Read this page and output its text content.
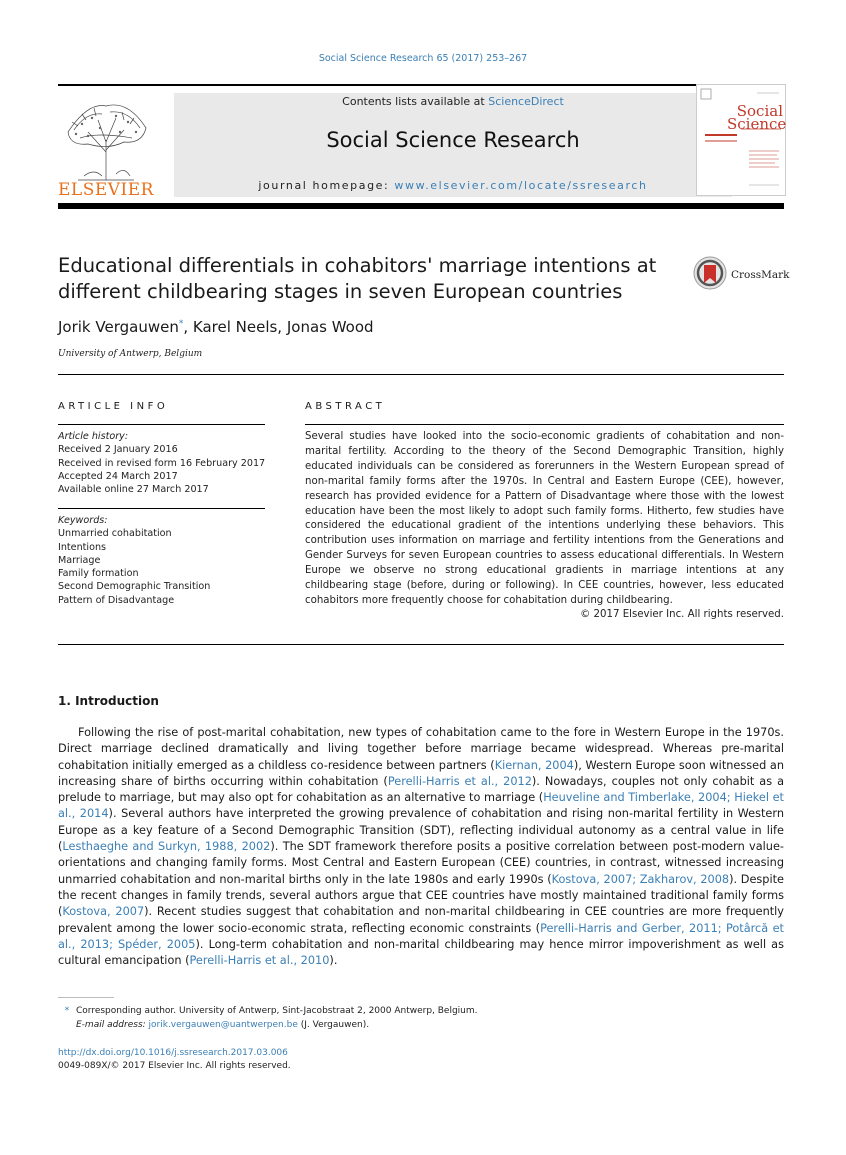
Social Science Research 65 (2017) 253–267
ELSEVIER
Contents lists available at ScienceDirect
Social Science Research
journal homepage: www.elsevier.com/locate/ssresearch
Social
Science
Educational differentials in cohabitors' marriage intentions at different childbearing stages in seven European countries
CrossMark
Jorik Vergauwen*, Karel Neels, Jonas Wood
University of Antwerp, Belgium
ARTICLE INFO
Article history:
Received 2 January 2016
Received in revised form 16 February 2017
Accepted 24 March 2017
Available online 27 March 2017
Keywords:
Unmarried cohabitation
Intentions
Marriage
Family formation
Second Demographic Transition
Pattern of Disadvantage
ABSTRACT
Several studies have looked into the socio-economic gradients of cohabitation and non-marital fertility. According to the theory of the Second Demographic Transition, highly educated individuals can be considered as forerunners in the Western European spread of non-marital family forms after the 1970s. In Central and Eastern Europe (CEE), however, research has provided evidence for a Pattern of Disadvantage where those with the lowest education have been the most likely to adopt such family forms. Hitherto, few studies have considered the educational gradient of the intentions underlying these behaviors. This contribution uses information on marriage and fertility intentions from the Generations and Gender Surveys for seven European countries to assess educational differentials. In Western Europe we observe no strong educational gradients in marriage intentions at any childbearing stage (before, during or following). In CEE countries, however, less educated cohabitors more frequently choose for cohabitation during childbearing.
© 2017 Elsevier Inc. All rights reserved.
1. Introduction
Following the rise of post-marital cohabitation, new types of cohabitation came to the fore in Western Europe in the 1970s. Direct marriage declined dramatically and living together before marriage became widespread. Whereas pre-marital cohabitation initially emerged as a childless co-residence between partners (Kiernan, 2004), Western Europe soon witnessed an increasing share of births occurring within cohabitation (Perelli-Harris et al., 2012). Nowadays, couples not only cohabit as a prelude to marriage, but may also opt for cohabitation as an alternative to marriage (Heuveline and Timberlake, 2004; Hiekel et al., 2014). Several authors have interpreted the growing prevalence of cohabitation and rising non-marital fertility in Western Europe as a key feature of a Second Demographic Transition (SDT), reflecting individual autonomy as a central value in life (Lesthaeghe and Surkyn, 1988, 2002). The SDT framework therefore posits a positive correlation between post-modern value-orientations and changing family forms. Most Central and Eastern European (CEE) countries, in contrast, witnessed increasing unmarried cohabitation and non-marital births only in the late 1980s and early 1990s (Kostova, 2007; Zakharov, 2008). Despite the recent changes in family trends, several authors argue that CEE countries have mostly maintained traditional family forms (Kostova, 2007). Recent studies suggest that cohabitation and non-marital childbearing in CEE countries are more frequently prevalent among the lower socio-economic strata, reflecting economic constraints (Perelli-Harris and Gerber, 2011; Potârcă et al., 2013; Spéder, 2005). Long-term cohabitation and non-marital childbearing may hence mirror impoverishment as well as cultural emancipation (Perelli-Harris et al., 2010).
* Corresponding author. University of Antwerp, Sint-Jacobstraat 2, 2000 Antwerp, Belgium.
E-mail address: jorik.vergauwen@uantwerpen.be (J. Vergauwen).
http://dx.doi.org/10.1016/j.ssresearch.2017.03.006
0049-089X/© 2017 Elsevier Inc. All rights reserved.
